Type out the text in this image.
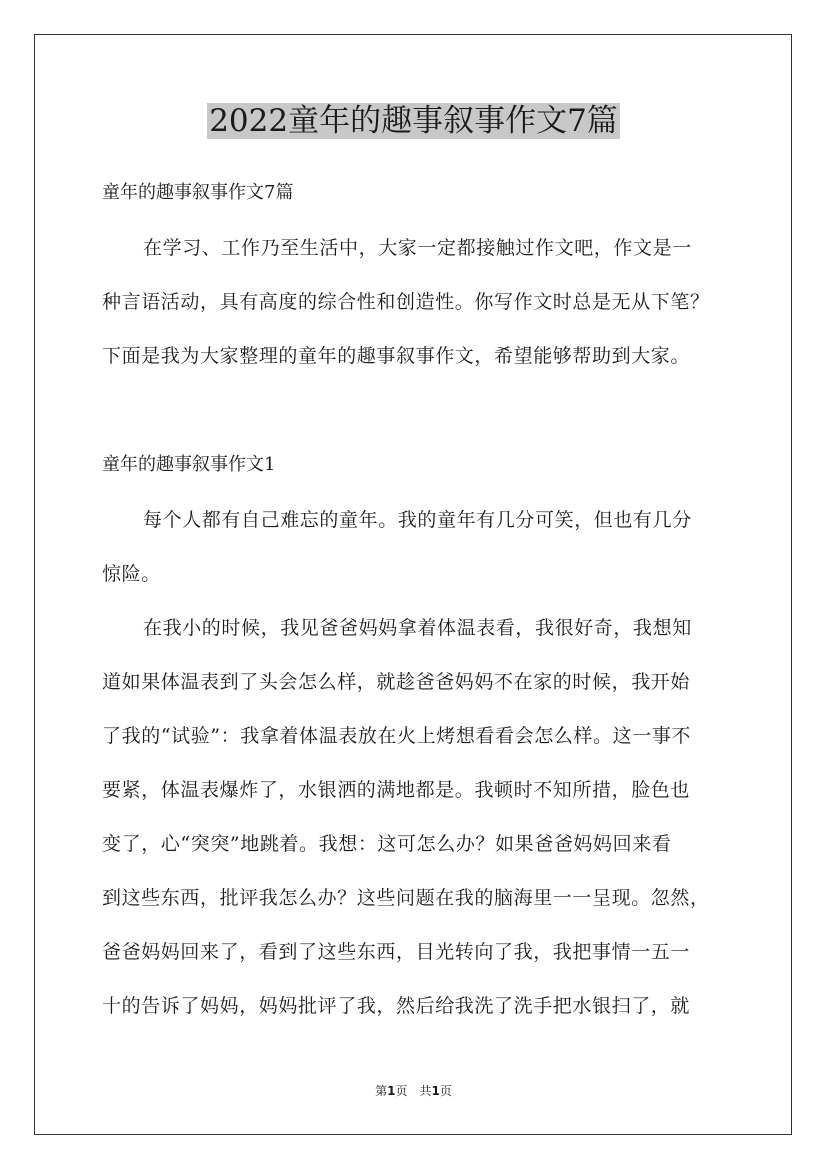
2022童年的趣事叙事作文7篇

童年的趣事叙事作文7篇

在学习、工作乃至生活中，大家一定都接触过作文吧，作文是一
种言语活动，具有高度的综合性和创造性。你写作文时总是无从下笔？
下面是我为大家整理的童年的趣事叙事作文，希望能够帮助到大家。

童年的趣事叙事作文1

每个人都有自己难忘的童年。我的童年有几分可笑，但也有几分
惊险。
在我小的时候，我见爸爸妈妈拿着体温表看，我很好奇，我想知
道如果体温表到了头会怎么样，就趁爸爸妈妈不在家的时候，我开始
了我的“试验”：我拿着体温表放在火上烤想看看会怎么样。这一事不
要紧，体温表爆炸了，水银洒的满地都是。我顿时不知所措，脸色也
变了，心“突突”地跳着。我想：这可怎么办？如果爸爸妈妈回来看
到这些东西，批评我怎么办？这些问题在我的脑海里一一呈现。忽然，
爸爸妈妈回来了，看到了这些东西，目光转向了我，我把事情一五一
十的告诉了妈妈，妈妈批评了我，然后给我洗了洗手把水银扫了，就
第1页　共1页
